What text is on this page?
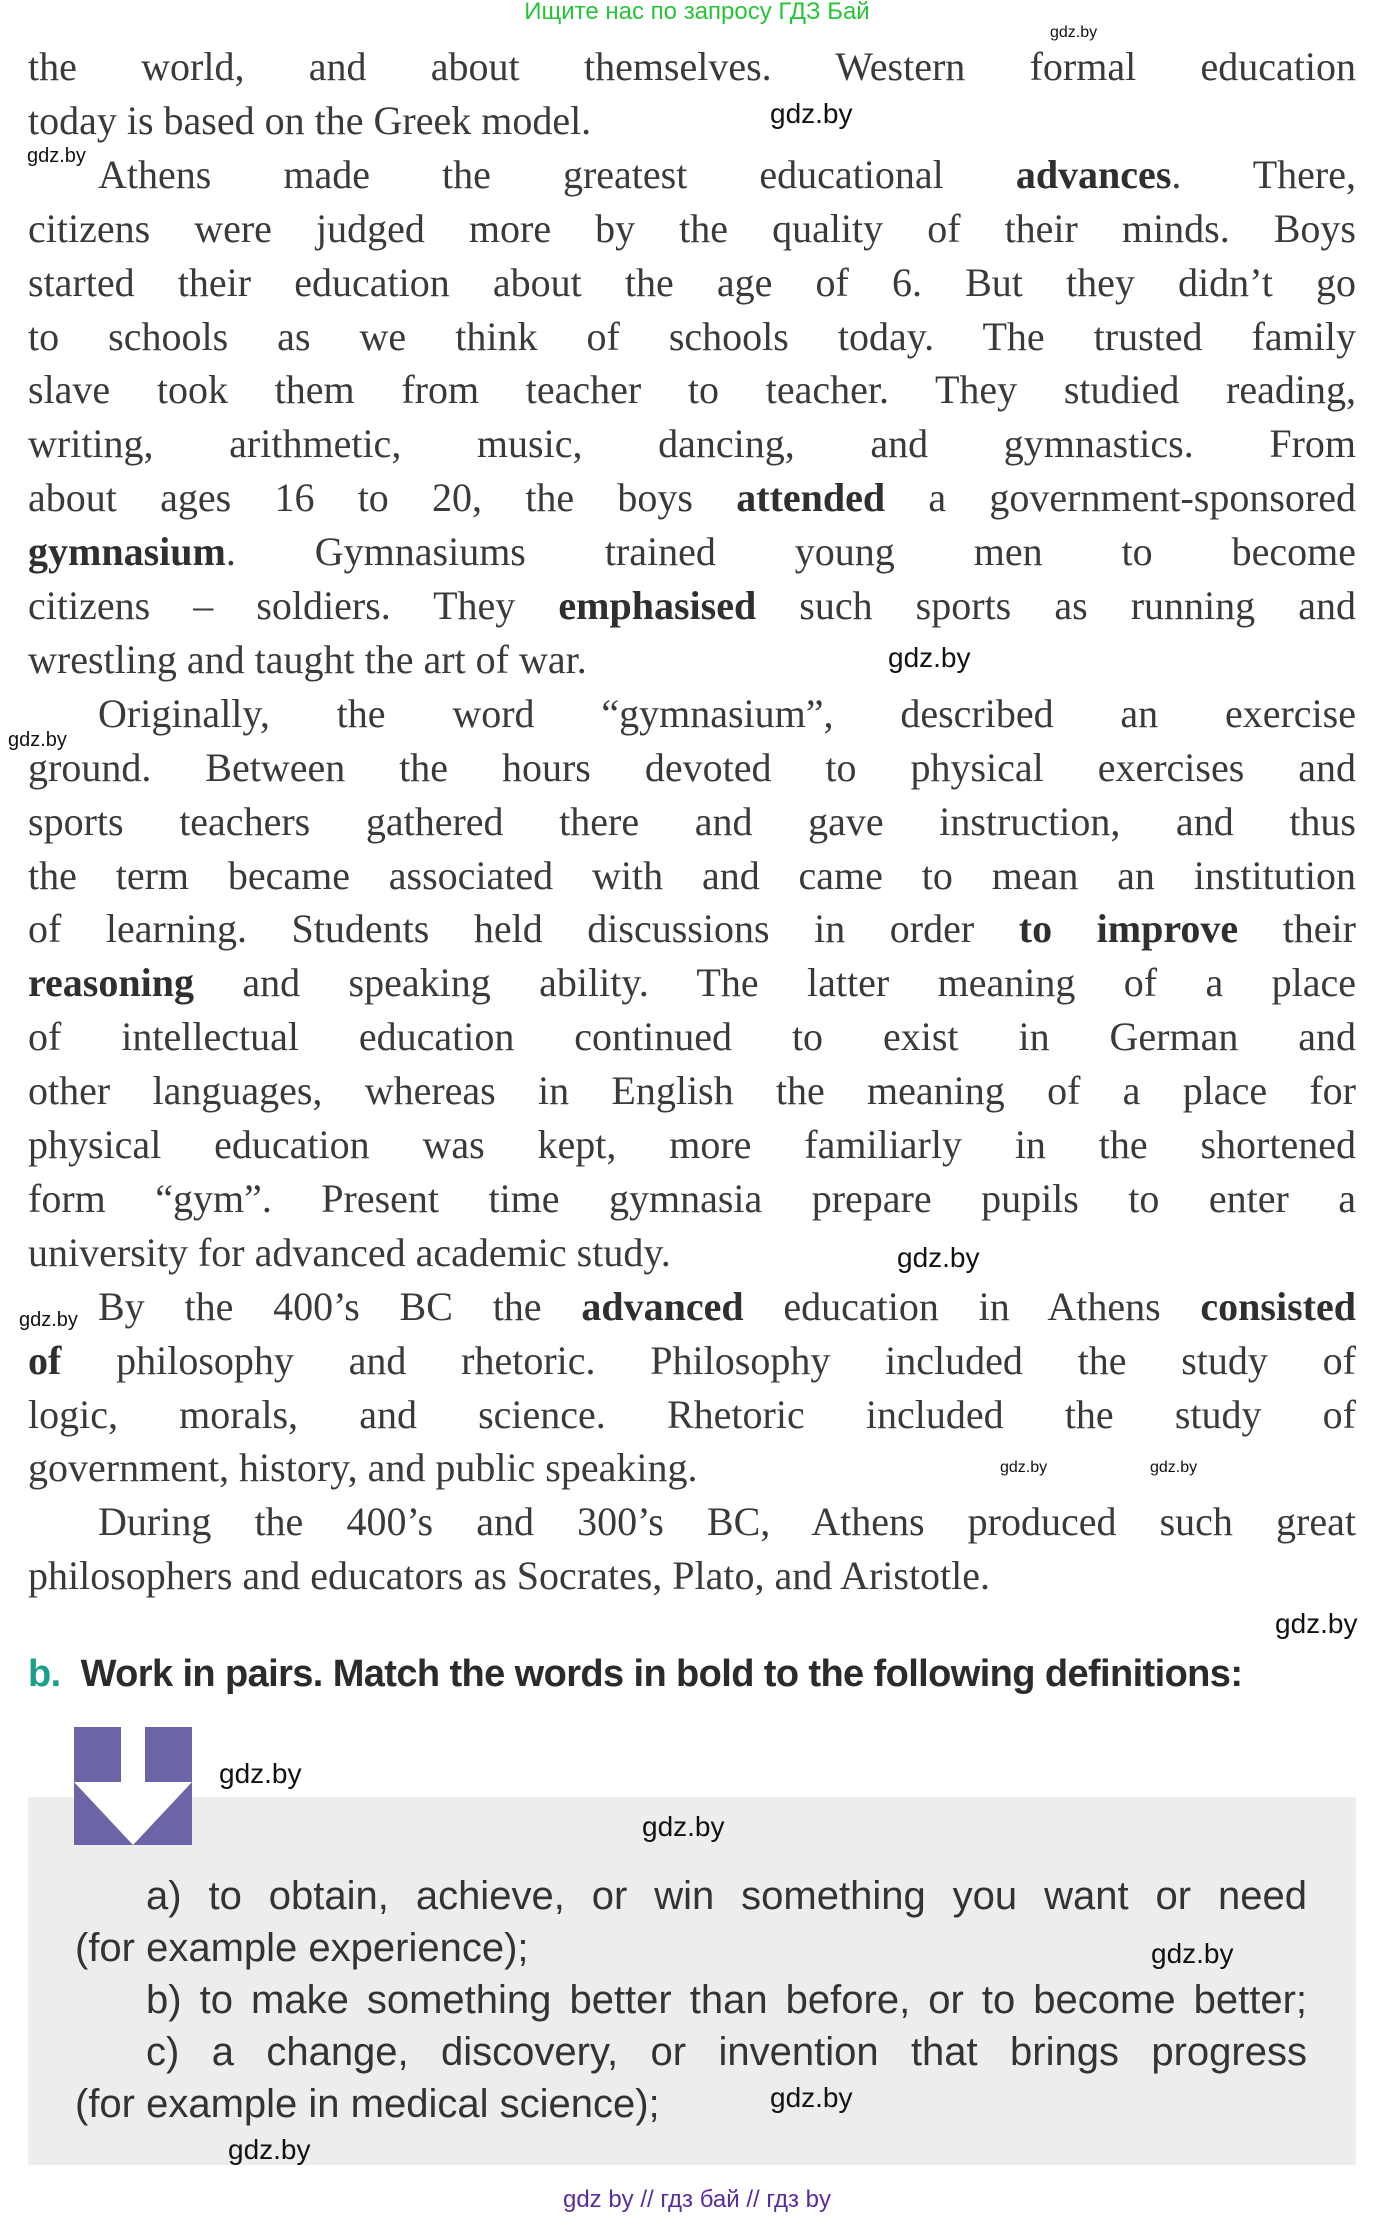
Ищите нас по запросу ГДЗ Бай
the world, and about themselves. Western formal education
today is based on the Greek model.
Athens made the greatest educational advances. There,
citizens were judged more by the quality of their minds. Boys
started their education about the age of 6. But they didn’t go
to schools as we think of schools today. The trusted family
slave took them from teacher to teacher. They studied reading,
writing, arithmetic, music, dancing, and gymnastics. From
about ages 16 to 20, the boys attended a government-sponsored
gymnasium. Gymnasiums trained young men to become
citizens – soldiers. They emphasised such sports as running and
wrestling and taught the art of war.
Originally, the word “gymnasium”, described an exercise
ground. Between the hours devoted to physical exercises and
sports teachers gathered there and gave instruction, and thus
the term became associated with and came to mean an institution
of learning. Students held discussions in order to improve their
reasoning and speaking ability. The latter meaning of a place
of intellectual education continued to exist in German and
other languages, whereas in English the meaning of a place for
physical education was kept, more familiarly in the shortened
form “gym”. Present time gymnasia prepare pupils to enter a
university for advanced academic study.
By the 400’s BC the advanced education in Athens consisted
of philosophy and rhetoric. Philosophy included the study of
logic, morals, and science. Rhetoric included the study of
government, history, and public speaking.
During the 400’s and 300’s BC, Athens produced such great
philosophers and educators as Socrates, Plato, and Aristotle.
b. Work in pairs. Match the words in bold to the following definitions:
a) to obtain, achieve, or win something you want or need
(for example experience);
b) to make something better than before, or to become better;
c) a change, discovery, or invention that brings progress
(for example in medical science);
gdz.by
gdz.by
gdz.by
gdz.by
gdz.by
gdz.by	gdz.by
gdz.by
gdz.by
gdz.by
gdz.by
gdz.by
gdz.by
gdz.by
gdz.by
gdz by // гдз бай // гдз by
